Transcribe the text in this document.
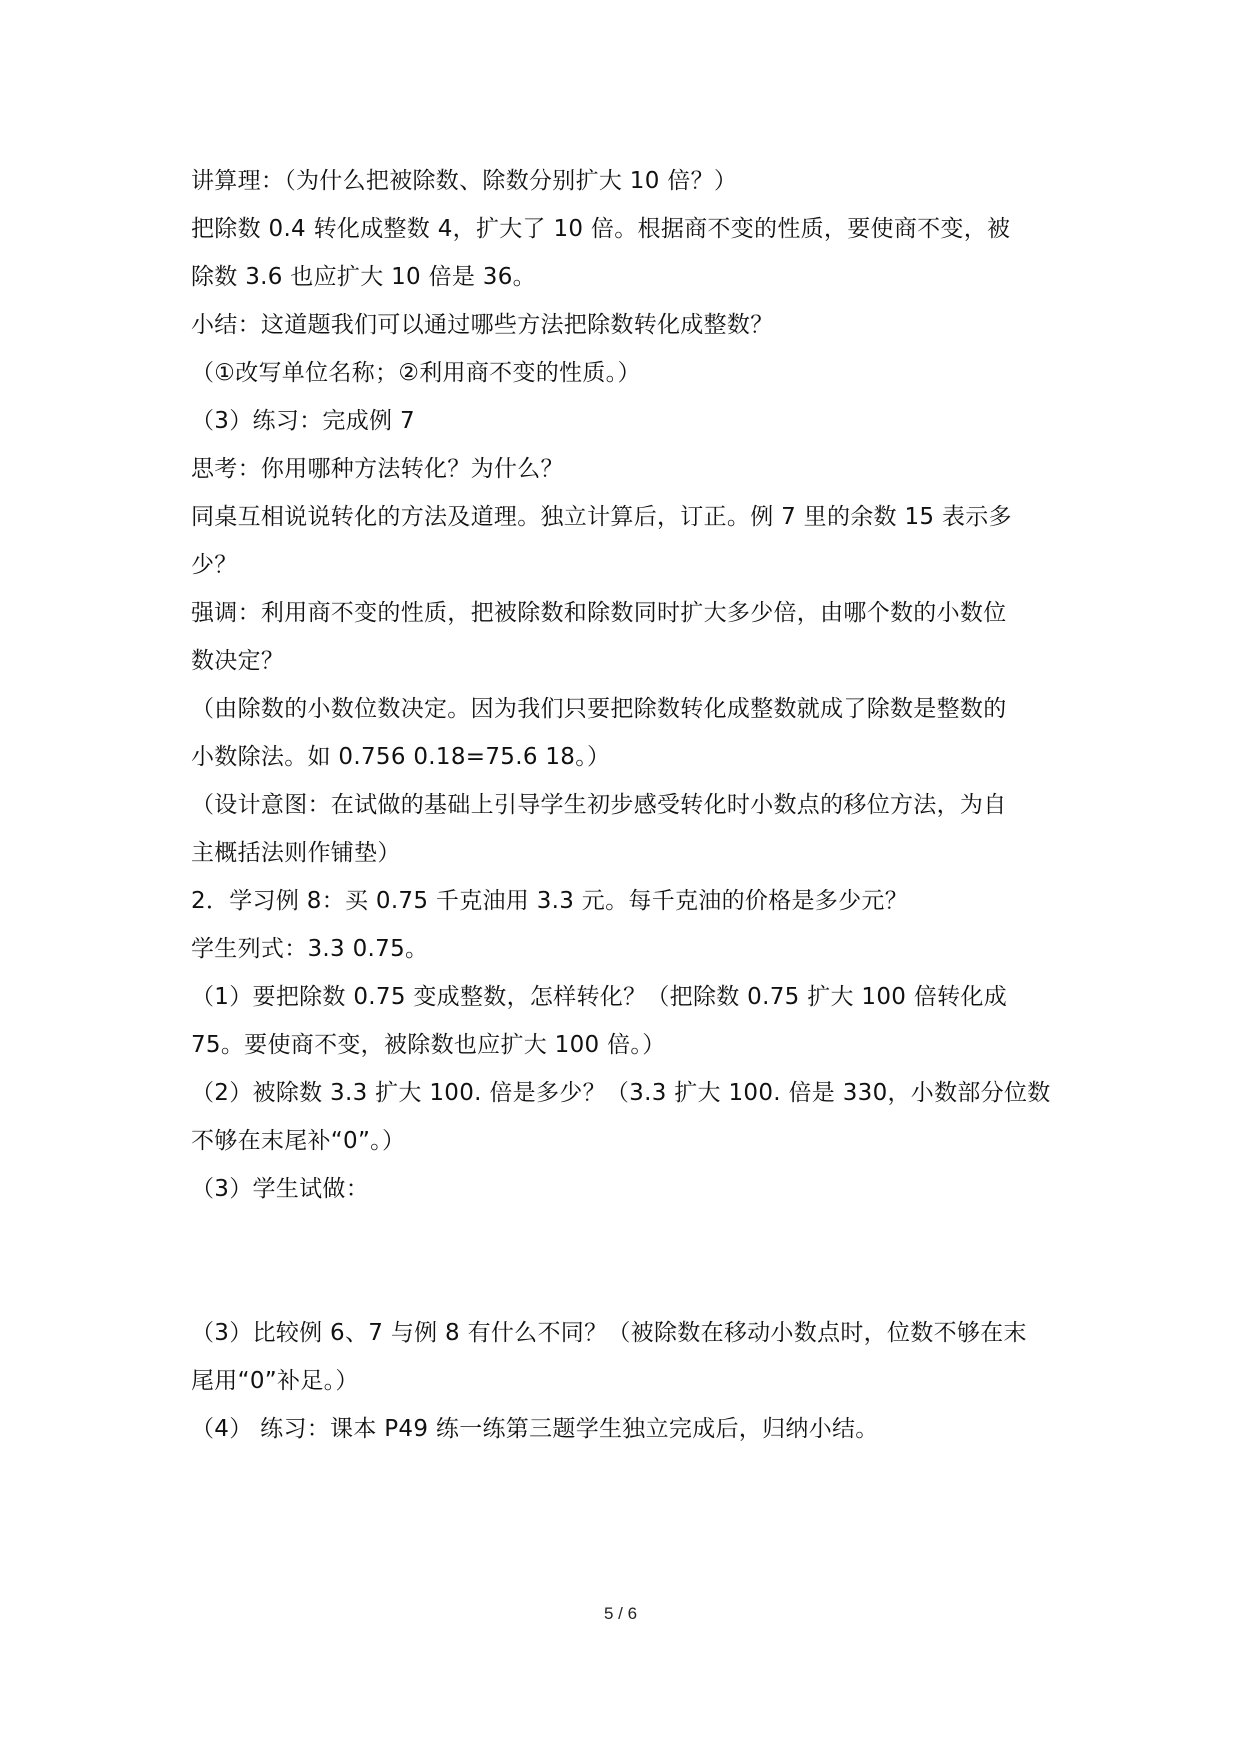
讲算理：（为什么把被除数、除数分别扩大 10 倍？）
把除数 0.4 转化成整数 4，扩大了 10 倍。根据商不变的性质，要使商不变，被
除数 3.6 也应扩大 10 倍是 36。
小结：这道题我们可以通过哪些方法把除数转化成整数？
（①改写单位名称；②利用商不变的性质。）
（3）练习：完成例 7
思考：你用哪种方法转化？为什么？
同桌互相说说转化的方法及道理。独立计算后，订正。例 7 里的余数 15 表示多
少？
强调：利用商不变的性质，把被除数和除数同时扩大多少倍，由哪个数的小数位
数决定？
（由除数的小数位数决定。因为我们只要把除数转化成整数就成了除数是整数的
小数除法。如 0.756 0.18=75.6 18。）
（设计意图：在试做的基础上引导学生初步感受转化时小数点的移位方法，为自
主概括法则作铺垫）
2．学习例 8：买 0.75 千克油用 3.3 元。每千克油的价格是多少元？
学生列式：3.3 0.75。
（1）要把除数 0.75 变成整数，怎样转化？（把除数 0.75 扩大 100 倍转化成
75。要使商不变，被除数也应扩大 100 倍。）
（2）被除数 3.3 扩大 100. 倍是多少？（3.3 扩大 100. 倍是 330，小数部分位数
不够在末尾补“0”。）
（3）学生试做：
（3）比较例 6、7 与例 8 有什么不同？（被除数在移动小数点时，位数不够在末
尾用“0”补足。）
（4） 练习：课本 P49 练一练第三题学生独立完成后，归纳小结。
5 / 6
